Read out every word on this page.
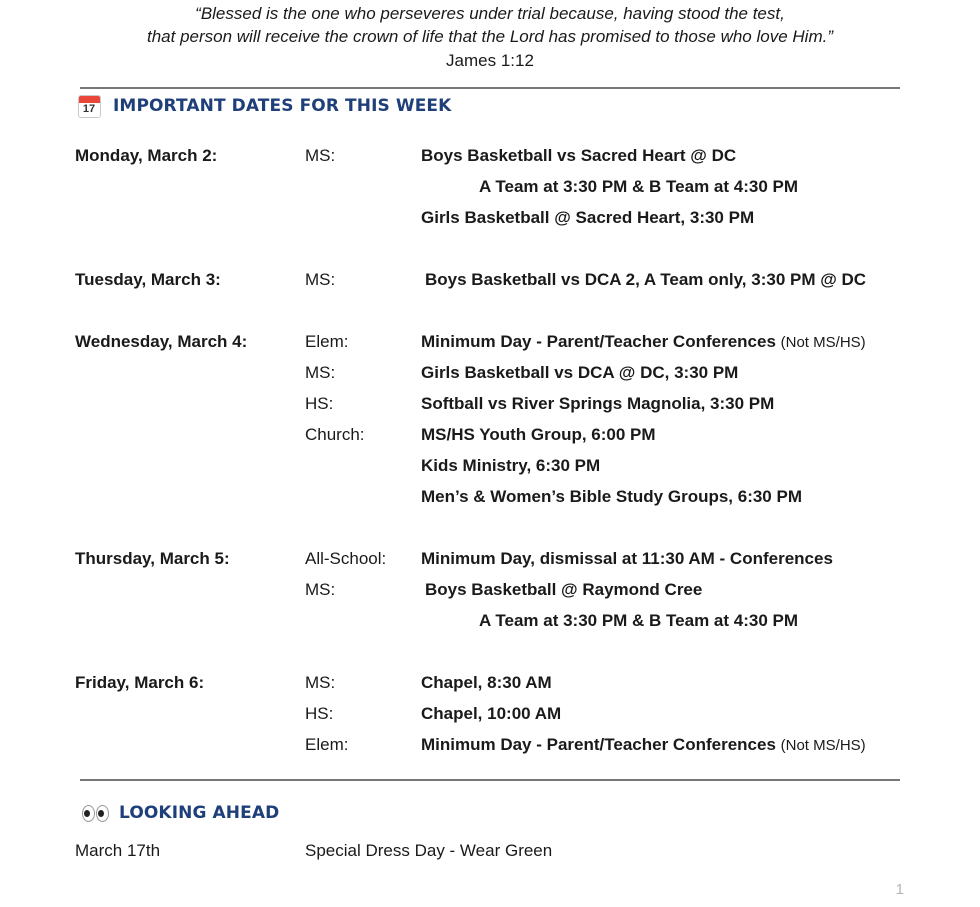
“Blessed is the one who perseveres under trial because, having stood the test,
that person will receive the crown of life that the Lord has promised to those who love Him.”
James 1:12
17 IMPORTANT DATES FOR THIS WEEK
Monday, March 2:	MS:	Boys Basketball vs Sacred Heart @ DC
A Team at 3:30 PM & B Team at 4:30 PM
Girls Basketball @ Sacred Heart, 3:30 PM
Tuesday, March 3:	MS:	Boys Basketball vs DCA 2, A Team only, 3:30 PM @ DC
Wednesday, March 4:	Elem:	Minimum Day - Parent/Teacher Conferences (Not MS/HS)
MS:	Girls Basketball vs DCA @ DC, 3:30 PM
HS:	Softball vs River Springs Magnolia, 3:30 PM
Church:	MS/HS Youth Group, 6:00 PM
Kids Ministry, 6:30 PM
Men’s & Women’s Bible Study Groups, 6:30 PM
Thursday, March 5:	All-School: Minimum Day, dismissal at 11:30 AM - Conferences
MS:	Boys Basketball @ Raymond Cree
A Team at 3:30 PM & B Team at 4:30 PM
Friday, March 6:	MS:	Chapel, 8:30 AM
HS:	Chapel, 10:00 AM
Elem:	Minimum Day - Parent/Teacher Conferences (Not MS/HS)
LOOKING AHEAD
March 17th	Special Dress Day - Wear Green
1
